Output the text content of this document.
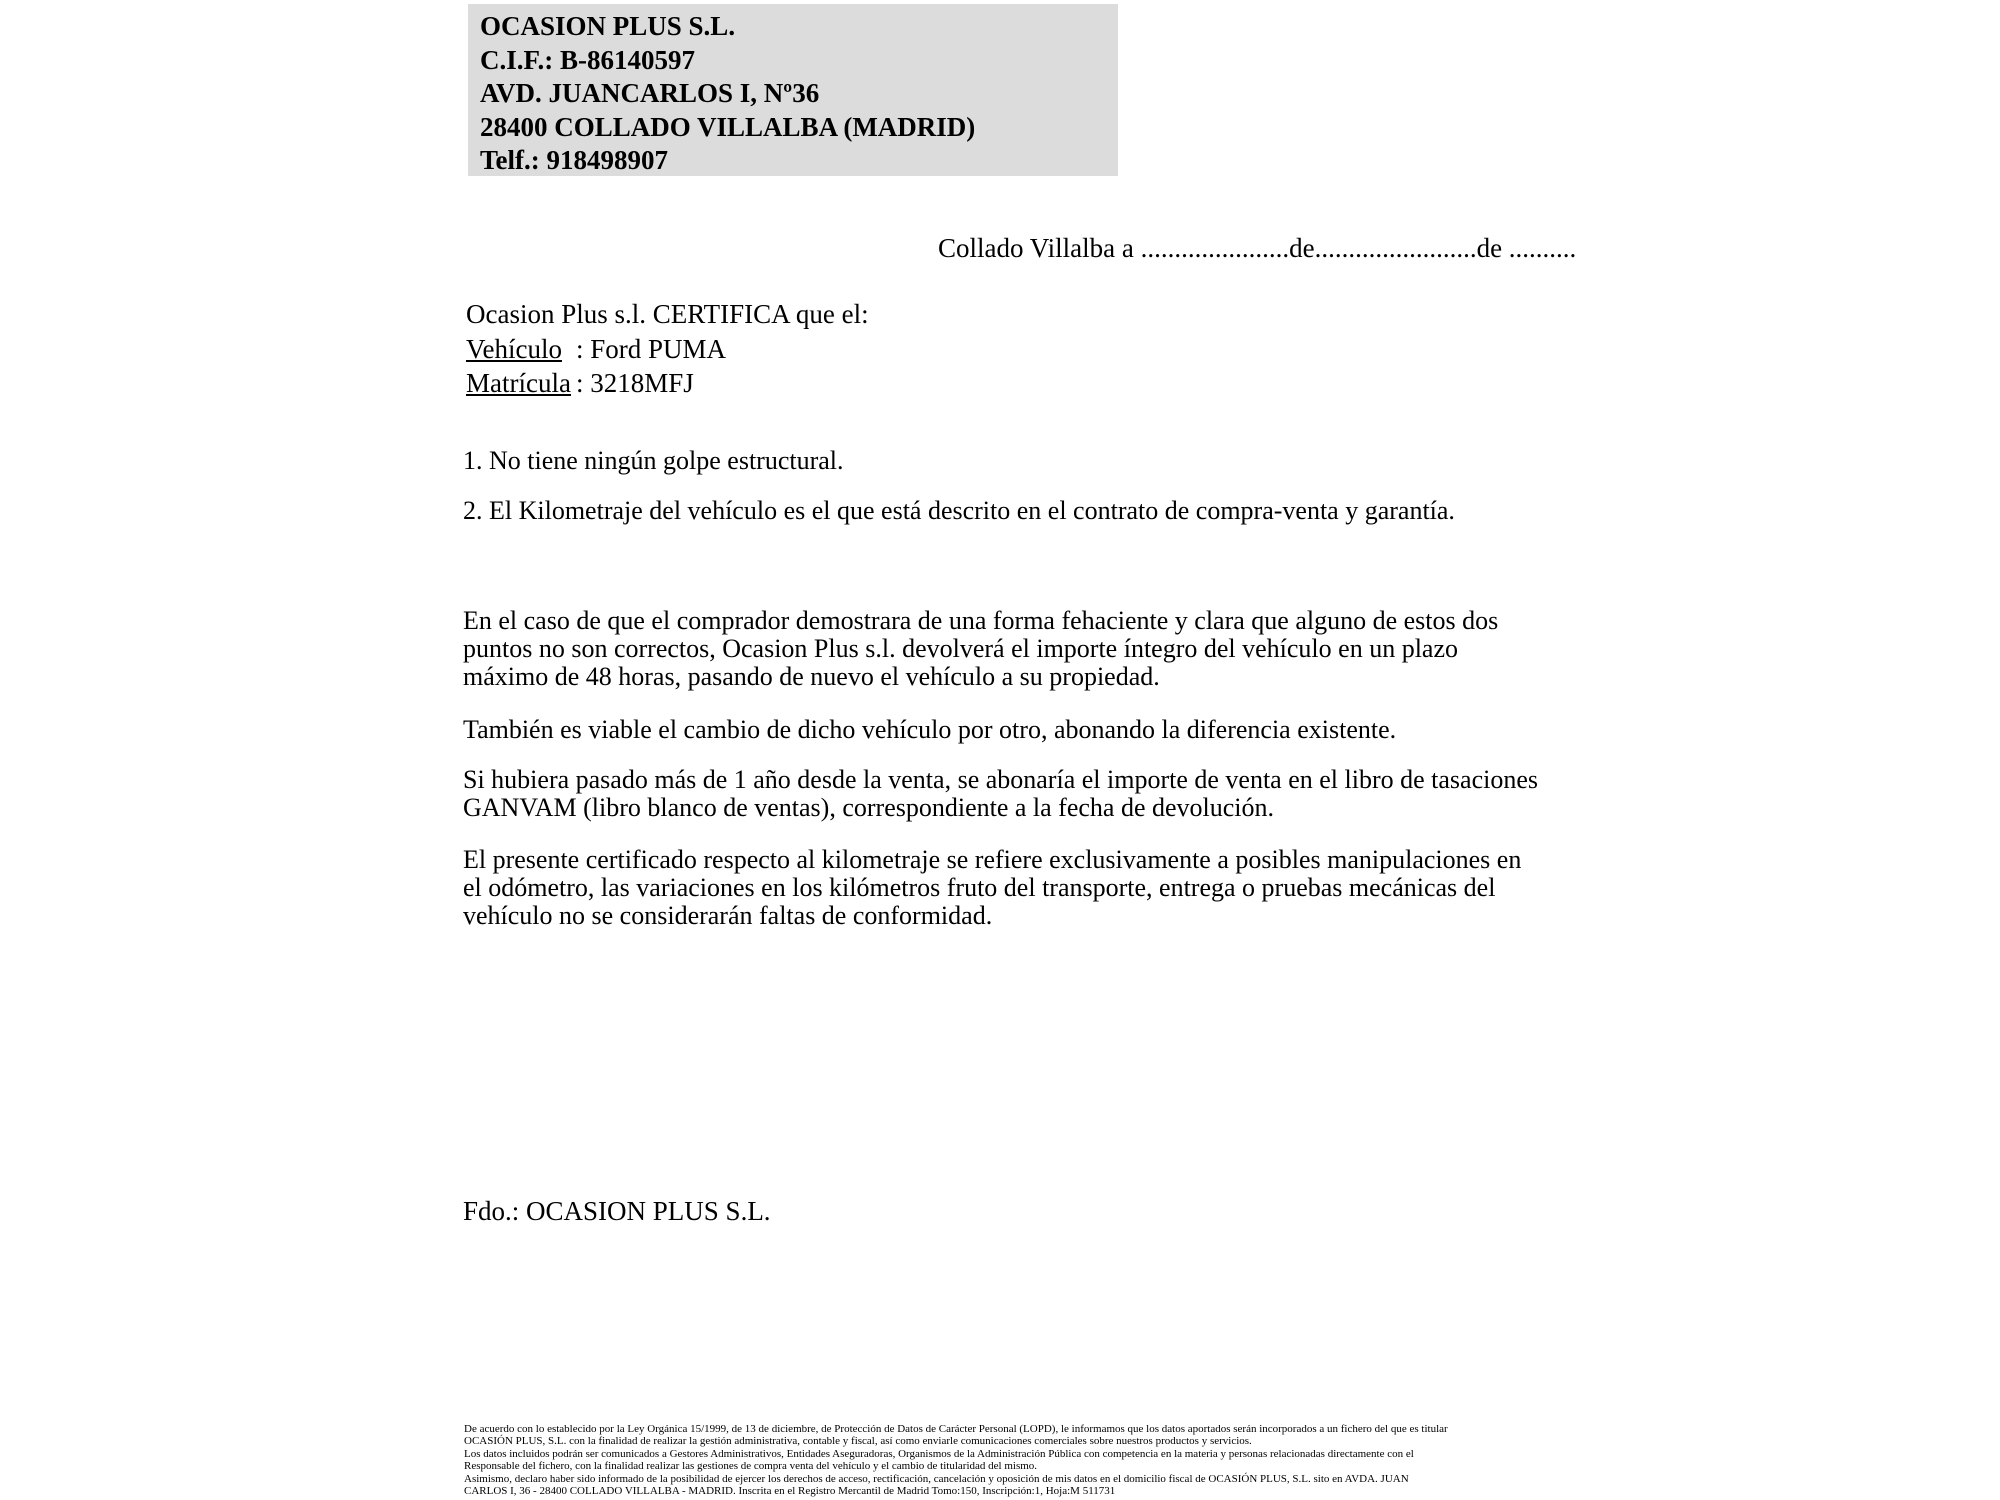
OCASION PLUS S.L.
C.I.F.: B-86140597
AVD. JUANCARLOS I, Nº36
28400 COLLADO VILLALBA (MADRID)
Telf.: 918498907
Collado Villalba a ......................de........................de ..........
Ocasion Plus s.l. CERTIFICA que el:
Vehículo : Ford PUMA
Matrícula : 3218MFJ
1. No tiene ningún golpe estructural.
2. El Kilometraje del vehículo es el que está descrito en el contrato de compra-venta y garantía.
En el caso de que el comprador demostrara de una forma fehaciente y clara que alguno de estos dos puntos no son correctos, Ocasion Plus s.l. devolverá el importe íntegro del vehículo en un plazo máximo de 48 horas, pasando de nuevo el vehículo a su propiedad.
También es viable el cambio de dicho vehículo por otro, abonando la diferencia existente.
Si hubiera pasado más de 1 año desde la venta, se abonaría el importe de venta en el libro de tasaciones GANVAM (libro blanco de ventas), correspondiente a la fecha de devolución.
El presente certificado respecto al kilometraje se refiere exclusivamente a posibles manipulaciones en el odómetro, las variaciones en los kilómetros fruto del transporte, entrega o pruebas mecánicas del vehículo no se considerarán faltas de conformidad.
Fdo.: OCASION PLUS S.L.
De acuerdo con lo establecido por la Ley Orgánica 15/1999, de 13 de diciembre, de Protección de Datos de Carácter Personal (LOPD), le informamos que los datos aportados serán incorporados a un fichero del que es titular
OCASIÓN PLUS, S.L. con la finalidad de realizar la gestión administrativa, contable y fiscal, así como enviarle comunicaciones comerciales sobre nuestros productos y servicios.
Los datos incluidos podrán ser comunicados a Gestores Administrativos, Entidades Aseguradoras, Organismos de la Administración Pública con competencia en la materia y personas relacionadas directamente con el
Responsable del fichero, con la finalidad realizar las gestiones de compra venta del vehículo y el cambio de titularidad del mismo.
Asimismo, declaro haber sido informado de la posibilidad de ejercer los derechos de acceso, rectificación, cancelación y oposición de mis datos en el domicilio fiscal de OCASIÓN PLUS, S.L. sito en AVDA. JUAN
CARLOS I, 36 - 28400 COLLADO VILLALBA - MADRID. Inscrita en el Registro Mercantil de Madrid Tomo:150, Inscripción:1, Hoja:M 511731
